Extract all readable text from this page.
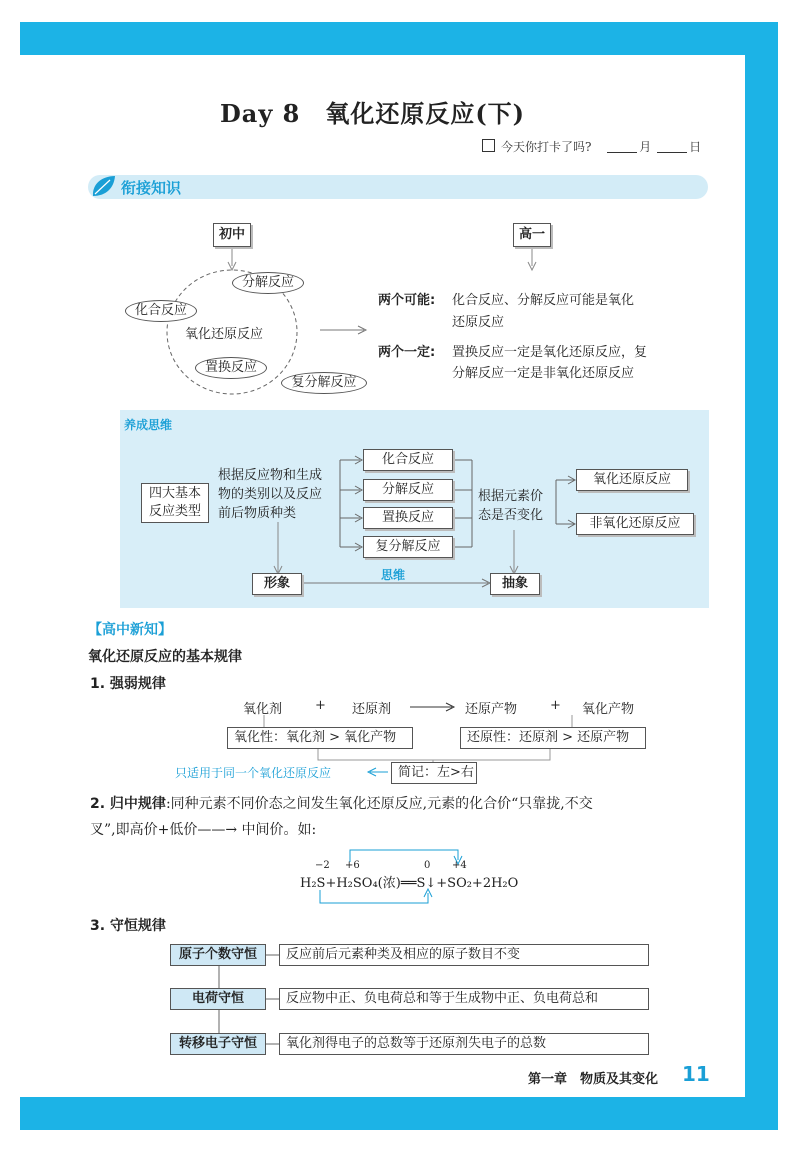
Day 8　氧化还原反应(下)
今天你打卡了吗?	月	日
衔接知识
初中	高一
分解反应
化合反应
氧化还原反应
置换反应
复分解反应
两个可能: 化合反应、分解反应可能是氧化
还原反应
两个一定: 置换反应一定是氧化还原反应，复
分解反应一定是非氧化还原反应
养成思维
四大基本
反应类型
根据反应物和生成
物的类别以及反应
前后物质种类
化合反应
分解反应
置换反应
复分解反应
根据元素价
态是否变化
氧化还原反应
非氧化还原反应
形象
思维
抽象
【高中新知】
氧化还原反应的基本规律
1. 强弱规律
氧化剂	+ 还原剂	还原产物	+ 氧化产物
氧化性：氧化剂 > 氧化产物	还原性：还原剂 > 还原产物
只适用于同一个氧化还原反应	简记：左>右
2. 归中规律:同种元素不同价态之间发生氧化还原反应,元素的化合价“只靠拢,不交
叉”,即高价+低价——→ 中间价。如:
−2 +6	0 +4
H₂S+H₂SO₄(浓)══S↓+SO₂+2H₂O
3. 守恒规律
原子个数守恒	反应前后元素种类及相应的原子数目不变
电荷守恒	反应物中正、负电荷总和等于生成物中正、负电荷总和
转移电子守恒	氧化剂得电子的总数等于还原剂失电子的总数
第一章　物质及其变化 11
